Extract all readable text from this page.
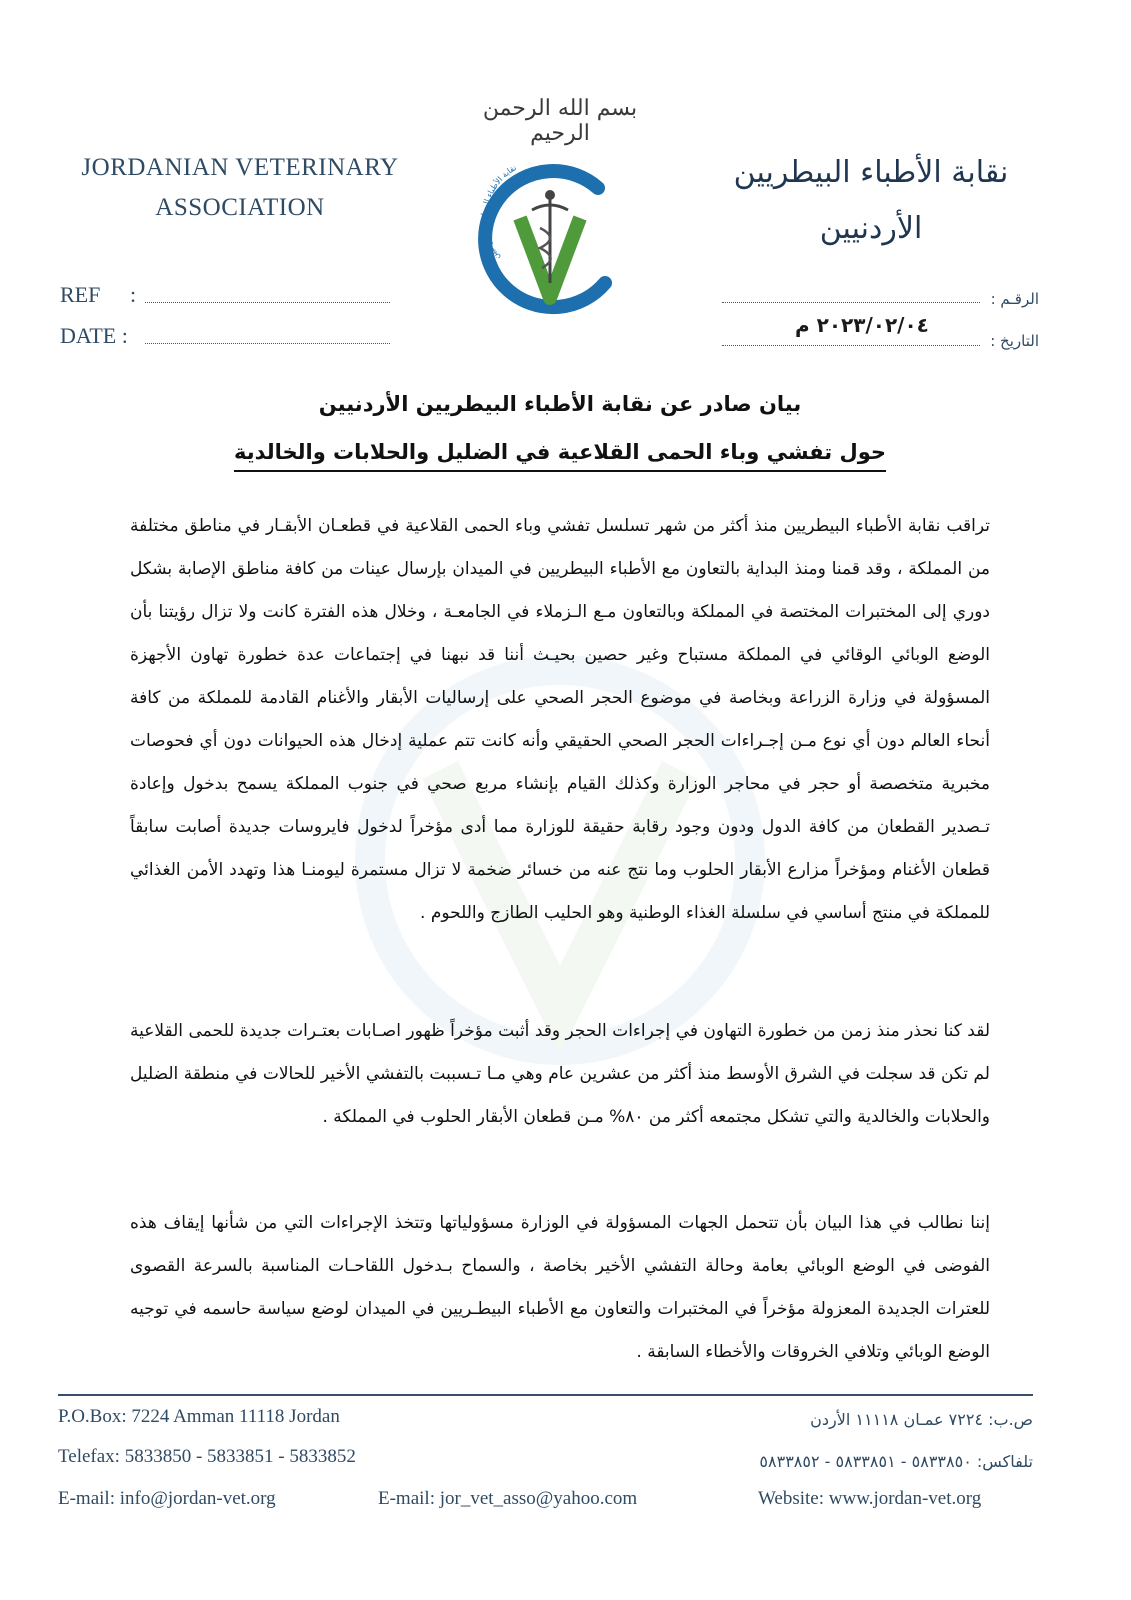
JORDANIAN VETERINARY
ASSOCIATION
بسم الله الرحمن الرحيم
نقابة الأطباء البيطريين الأردنيين	نقابة الأطباء البيطريين
الأردنيين
REF :
DATE :
الرقـم :
التاريخ :
٢٠٢٣/٠٢/٠٤ م
بيان صادر عن نقابة الأطباء البيطريين الأردنيين
حول تفشي وباء الحمى القلاعية في الضليل والحلابات والخالدية

تراقب نقابة الأطباء البيطريين منذ أكثر من شهر تسلسل تفشي وباء الحمى القلاعية في قطعـان الأبقـار في مناطق مختلفة من المملكة ، وقد قمنا ومنذ البداية بالتعاون مع الأطباء البيطريين في الميدان بإرسال عينات من كافة مناطق الإصابة بشكل دوري إلى المختبرات المختصة في المملكة وبالتعاون مـع الـزملاء في الجامعـة ، وخلال هذه الفترة كانت ولا تزال رؤيتنا بأن الوضع الوبائي الوقائي في المملكة مستباح وغير حصين بحيـث أننا قد نبهنا في إجتماعات عدة خطورة تهاون الأجهزة المسؤولة في وزارة الزراعة وبخاصة في موضوع الحجر الصحي على إرساليات الأبقار والأغنام القادمة للمملكة من كافة أنحاء العالم دون أي نوع مـن إجـراءات الحجر الصحي الحقيقي وأنه كانت تتم عملية إدخال هذه الحيوانات دون أي فحوصات مخبرية متخصصة أو حجر في محاجر الوزارة وكذلك القيام بإنشاء مربع صحي في جنوب المملكة يسمح بدخول وإعادة تـصدير القطعان من كافة الدول ودون وجود رقابة حقيقة للوزارة مما أدى مؤخراً لدخول فايروسات جديدة أصابت سابقاً قطعان الأغنام ومؤخراً مزارع الأبقار الحلوب وما نتج عنه من خسائر ضخمة لا تزال مستمرة ليومنـا هذا وتهدد الأمن الغذائي للمملكة في منتج أساسي في سلسلة الغذاء الوطنية وهو الحليب الطازج واللحوم .

لقد كنا نحذر منذ زمن من خطورة التهاون في إجراءات الحجر وقد أثبت مؤخراً ظهور اصـابات بعتـرات جديدة للحمى القلاعية لم تكن قد سجلت في الشرق الأوسط منذ أكثر من عشرين عام وهي مـا تـسببت بالتفشي الأخير للحالات في منطقة الضليل والحلابات والخالدية والتي تشكل مجتمعه أكثر من ٨٠% مـن قطعان الأبقار الحلوب في المملكة .

إننا نطالب في هذا البيان بأن تتحمل الجهات المسؤولة في الوزارة مسؤولياتها وتتخذ الإجراءات التي من شأنها إيقاف هذه الفوضى في الوضع الوبائي بعامة وحالة التفشي الأخير بخاصة ، والسماح بـدخول اللقاحـات المناسبة بالسرعة القصوى للعترات الجديدة المعزولة مؤخراً في المختبرات والتعاون مع الأطباء البيطـريين في الميدان لوضع سياسة حاسمه في توجيه الوضع الوبائي وتلافي الخروقات والأخطاء السابقة .

P.O.Box: 7224 Amman 11118 Jordan
Telefax: 5833850 - 5833851 - 5833852
E-mail: info@jordan-vet.org	E-mail: jor_vet_asso@yahoo.com	Website: www.jordan-vet.org
ص.ب: ٧٢٢٤ عمـان ١١١١٨ الأردن
تلفاكس: ٥٨٣٣٨٥٠ - ٥٨٣٣٨٥١ - ٥٨٣٣٨٥٢
